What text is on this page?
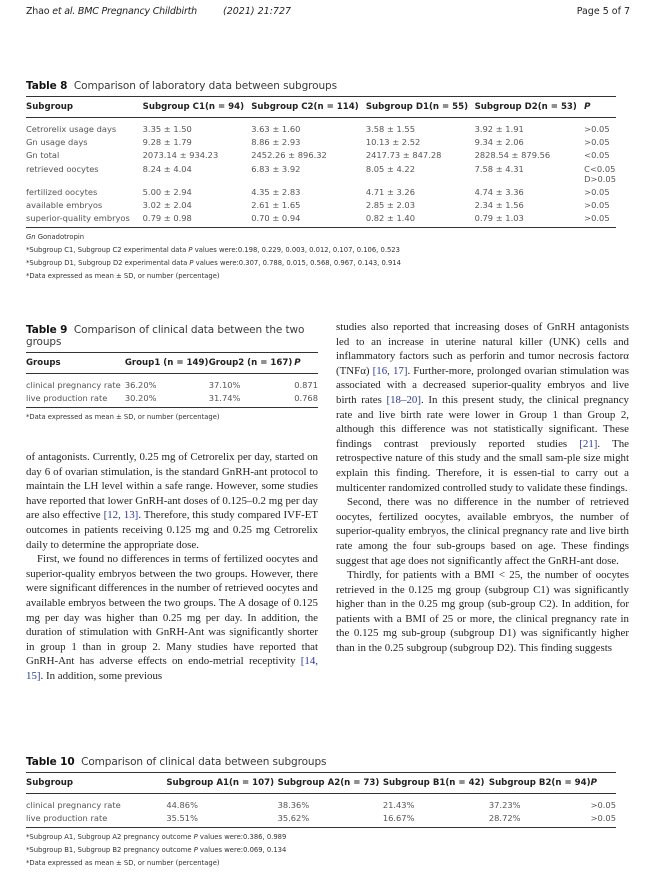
Zhao et al. BMC Pregnancy Childbirth	(2021) 21:727	Page 5 of 7
Table 8 Comparison of laboratory data between subgroups
Subgroup	Subgroup C1(n = 94)	Subgroup C2(n = 114)	Subgroup D1(n = 55)	Subgroup D2(n = 53)	P
Cetrorelix usage days	3.35 ± 1.50	3.63 ± 1.60	3.58 ± 1.55	3.92 ± 1.91	>0.05
Gn usage days	9.28 ± 1.79	8.86 ± 2.93	10.13 ± 2.52	9.34 ± 2.06	>0.05
Gn total	2073.14 ± 934.23	2452.26 ± 896.32	2417.73 ± 847.28	2828.54 ± 879.56	<0.05
retrieved oocytes	8.24 ± 4.04	6.83 ± 3.92	8.05 ± 4.22	7.58 ± 4.31	C<0.05
D>0.05

fertilized oocytes	5.00 ± 2.94	4.35 ± 2.83	4.71 ± 3.26	4.74 ± 3.36	>0.05
available embryos	3.02 ± 2.04	2.61 ± 1.65	2.85 ± 2.03	2.34 ± 1.56	>0.05
superior-quality embryos	0.79 ± 0.98	0.70 ± 0.94	0.82 ± 1.40	0.79 ± 1.03	>0.05
Gn Gonadotropin
*Subgroup C1, Subgroup C2 experimental data P values were:0.198, 0.229, 0.003, 0.012, 0.107, 0.106, 0.523
*Subgroup D1, Subgroup D2 experimental data P values were:0.307, 0.788, 0.015, 0.568, 0.967, 0.143, 0.914
*Data expressed as mean ± SD, or number (percentage)
Table 9 Comparison of clinical data between the two groups
Groups	Group1 (n = 149)	Group2 (n = 167)	P
clinical pregnancy rate	36.20%	37.10%	0.871
live production rate	30.20%	31.74%	0.768
*Data expressed as mean ± SD, or number (percentage)

of antagonists. Currently, 0.25 mg of Cetrorelix per day, started on day 6 of ovarian stimulation, is the standard GnRH-ant protocol to maintain the LH level within a safe range. However, some studies have reported that lower GnRH-ant doses of 0.125–0.2 mg per day are also effective [12, 13]. Therefore, this study compared IVF-ET outcomes in patients receiving 0.125 mg and 0.25 mg Cetrorelix daily to determine the appropriate dose.

First, we found no differences in terms of fertilized oocytes and superior-quality embryos between the two groups. However, there were significant differences in the number of retrieved oocytes and available embryos between the two groups. The A dosage of 0.125 mg per day was higher than 0.25 mg per day. In addition, the duration of stimulation with GnRH-Ant was significantly shorter in group 1 than in group 2. Many studies have reported that GnRH-Ant has adverse effects on endo-metrial receptivity [14, 15]. In addition, some previous

studies also reported that increasing doses of GnRH antagonists led to an increase in uterine natural killer (UNK) cells and inflammatory factors such as perforin and tumor necrosis factorα (TNFα) [16, 17]. Further-more, prolonged ovarian stimulation was associated with a decreased superior-quality embryos and live birth rates [18–20]. In this present study, the clinical pregnancy rate and live birth rate were lower in Group 1 than Group 2, although this difference was not statistically significant. These findings contrast previously reported studies [21]. The retrospective nature of this study and the small sam-ple size might explain this finding. Therefore, it is essen-tial to carry out a multicenter randomized controlled study to validate these findings.

Second, there was no difference in the number of retrieved oocytes, fertilized oocytes, available embryos, the number of superior-quality embryos, the clinical pregnancy rate and live birth rate among the four sub-groups based on age. These findings suggest that age does not significantly affect the GnRH-ant dose.

Thirdly, for patients with a BMI < 25, the number of oocytes retrieved in the 0.125 mg group (subgroup C1) was significantly higher than in the 0.25 mg group (sub-group C2). In addition, for patients with a BMI of 25 or more, the clinical pregnancy rate in the 0.125 mg sub-group (subgroup D1) was significantly higher than in the 0.25 subgroup (subgroup D2). This finding suggests

Table 10 Comparison of clinical data between subgroups
Subgroup	Subgroup A1(n = 107)	Subgroup A2(n = 73)	Subgroup B1(n = 42)	Subgroup B2(n = 94)	P
clinical pregnancy rate	44.86%	38.36%	21.43%	37.23%	>0.05
live production rate	35.51%	35.62%	16.67%	28.72%	>0.05
*Subgroup A1, Subgroup A2 pregnancy outcome P values were:0.386, 0.989
*Subgroup B1, Subgroup B2 pregnancy outcome P values were:0.069, 0.134
*Data expressed as mean ± SD, or number (percentage)
